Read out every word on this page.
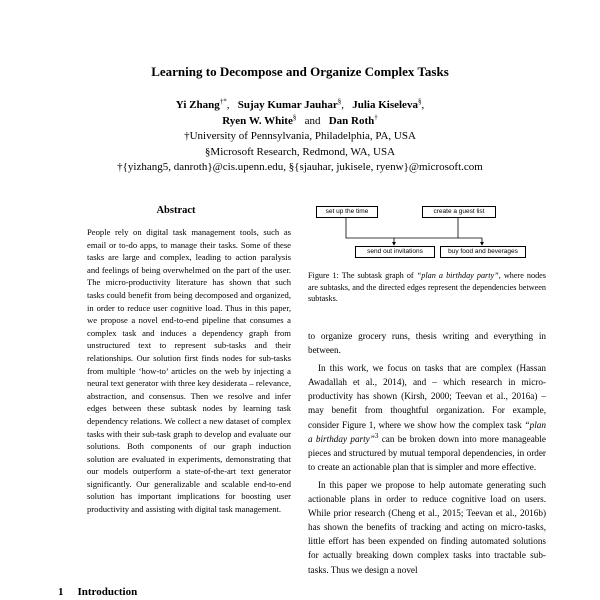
Learning to Decompose and Organize Complex Tasks
Yi Zhang†*,   Sujay Kumar Jauhar§,   Julia Kiseleva§,
Ryen W. White§ and Dan Roth†
†University of Pennsylvania, Philadelphia, PA, USA
§Microsoft Research, Redmond, WA, USA
†{yizhang5, danroth}@cis.upenn.edu, §{sjauhar, jukisele, ryenw}@microsoft.com
Abstract
People rely on digital task management tools, such as email or to-do apps, to manage their tasks. Some of these tasks are large and complex, leading to action paralysis and feelings of being overwhelmed on the part of the user. The micro-productivity literature has shown that such tasks could benefit from being decomposed and organized, in order to reduce user cognitive load. Thus in this paper, we propose a novel end-to-end pipeline that consumes a complex task and induces a dependency graph from unstructured text to represent sub-tasks and their relationships. Our solution first finds nodes for sub-tasks from multiple ‘how-to’ articles on the web by injecting a neural text generator with three key desiderata – relevance, abstraction, and consensus. Then we resolve and infer edges between these subtask nodes by learning task dependency relations. We collect a new dataset of complex tasks with their sub-task graph to develop and evaluate our solutions. Both components of our graph induction solution are evaluated in experiments, demonstrating that our models outperform a state-of-the-art text generator significantly. Our generalizable and scalable end-to-end solution has important implications for boosting user productivity and assisting with digital task management.
1 Introduction
set up the time	create a guest list
send out invitations	buy food and beverages
Figure 1: The subtask graph of “plan a birthday party”, where nodes are subtasks, and the directed edges represent the dependencies between subtasks.

to organize grocery runs, thesis writing and everything in between.

In this work, we focus on tasks that are complex (Hassan Awadallah et al., 2014), and – which research in micro-productivity has shown (Kirsh, 2000; Teevan et al., 2016a) – may benefit from thoughtful organization. For example, consider Figure 1, where we show how the complex task “plan a birthday party”$^3$ can be broken down into more manageable pieces and structured by mutual temporal dependencies, in order to create an actionable plan that is simpler and more effective.

In this paper we propose to help automate generating such actionable plans in order to reduce cognitive load on users. While prior research (Cheng et al., 2015; Teevan et al., 2016b) has shown the benefits of tracking and acting on micro-tasks, little effort has been expended on finding automated solutions for actually breaking down complex tasks into tractable sub-tasks. Thus we design a novel
